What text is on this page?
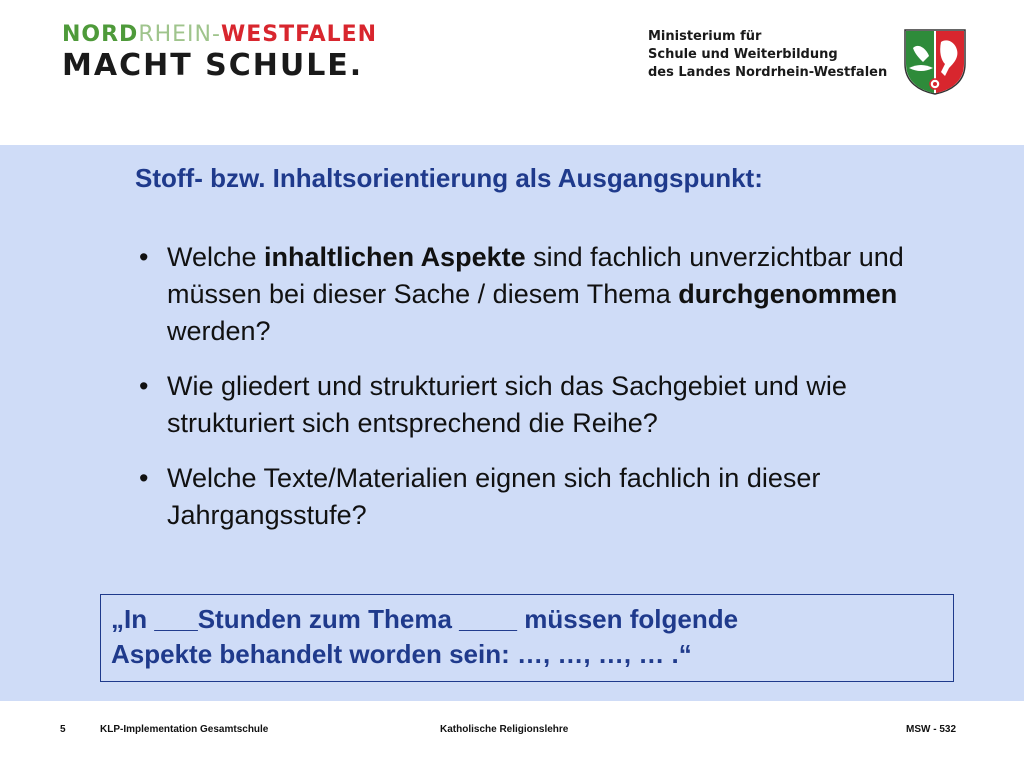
NORDRHEIN-WESTFALEN
MACHT SCHULE.
Ministerium für
Schule und Weiterbildung
des Landes Nordrhein-Westfalen
Stoff- bzw. Inhaltsorientierung als Ausgangspunkt:
• Welche inhaltlichen Aspekte sind fachlich unverzichtbar und müssen bei dieser Sache / diesem Thema durchgenommen werden?
• Wie gliedert und strukturiert sich das Sachgebiet und wie strukturiert sich entsprechend die Reihe?
• Welche Texte/Materialien eignen sich fachlich in dieser Jahrgangsstufe?
„In ___Stunden zum Thema ____ müssen folgende
Aspekte behandelt worden sein: …, …, …, … .“
5	KLP-Implementation Gesamtschule	Katholische Religionslehre	MSW - 532
